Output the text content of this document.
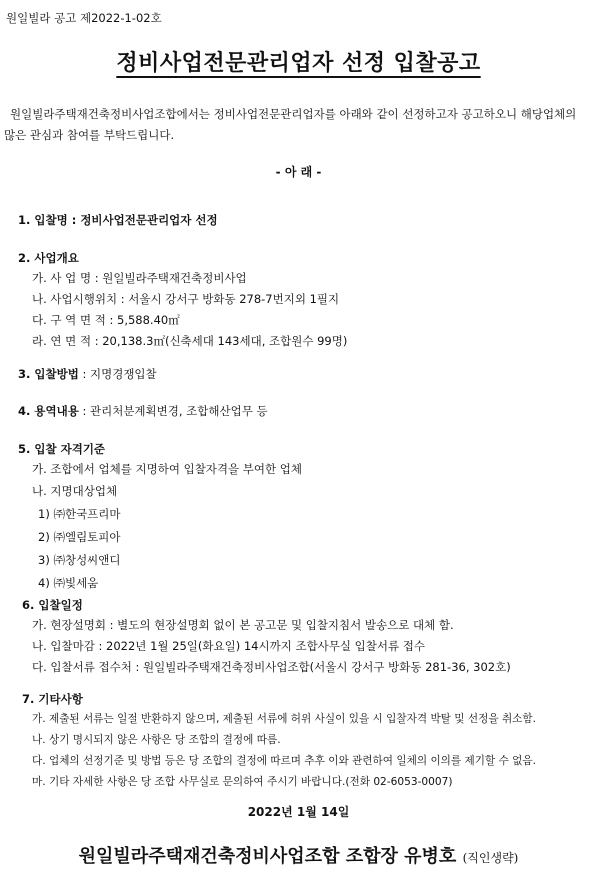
원일빌라 공고 제2022-1-02호
정비사업전문관리업자 선정 입찰공고
원일빌라주택재건축정비사업조합에서는 정비사업전문관리업자를 아래와 같이 선정하고자 공고하오니 해당업체의 많은 관심과 참여를 부탁드립니다.
- 아 래 -
1. 입찰명 : 정비사업전문관리업자 선정
2. 사업개요
가. 사 업 명 : 원일빌라주택재건축정비사업
나. 사업시행위치 : 서울시 강서구 방화동 278-7번지외 1필지
다. 구 역 면 적 : 5,588.40㎡
라. 연 면 적 : 20,138.3㎡(신축세대 143세대, 조합원수 99명)
3. 입찰방법 : 지명경쟁입찰
4. 용역내용 : 관리처분계획변경, 조합해산업무 등
5. 입찰 자격기준
가. 조합에서 업체를 지명하여 입찰자격을 부여한 업체
나. 지명대상업체
1) ㈜한국프리마
2) ㈜엘림토피아
3) ㈜창성씨앤디
4) ㈜빛세움
6. 입찰일정
가. 현장설명회 : 별도의 현장설명회 없이 본 공고문 및 입찰지침서 발송으로 대체 함.
나. 입찰마감 : 2022년 1월 25일(화요일) 14시까지 조합사무실 입찰서류 접수
다. 입찰서류 접수처 : 원일빌라주택재건축정비사업조합(서울시 강서구 방화동 281-36, 302호)
7. 기타사항
가. 제출된 서류는 일절 반환하지 않으며, 제출된 서류에 허위 사실이 있을 시 입찰자격 박탈 및 선정을 취소함.
나. 상기 명시되지 않은 사항은 당 조합의 결정에 따름.
다. 업체의 선정기준 및 방법 등은 당 조합의 결정에 따르며 추후 이와 관련하여 일체의 이의를 제기할 수 없음.
마. 기타 자세한 사항은 당 조합 사무실로 문의하여 주시기 바랍니다.(전화 02-6053-0007)
2022년 1월 14일
원일빌라주택재건축정비사업조합 조합장 유병호 (직인생략)
